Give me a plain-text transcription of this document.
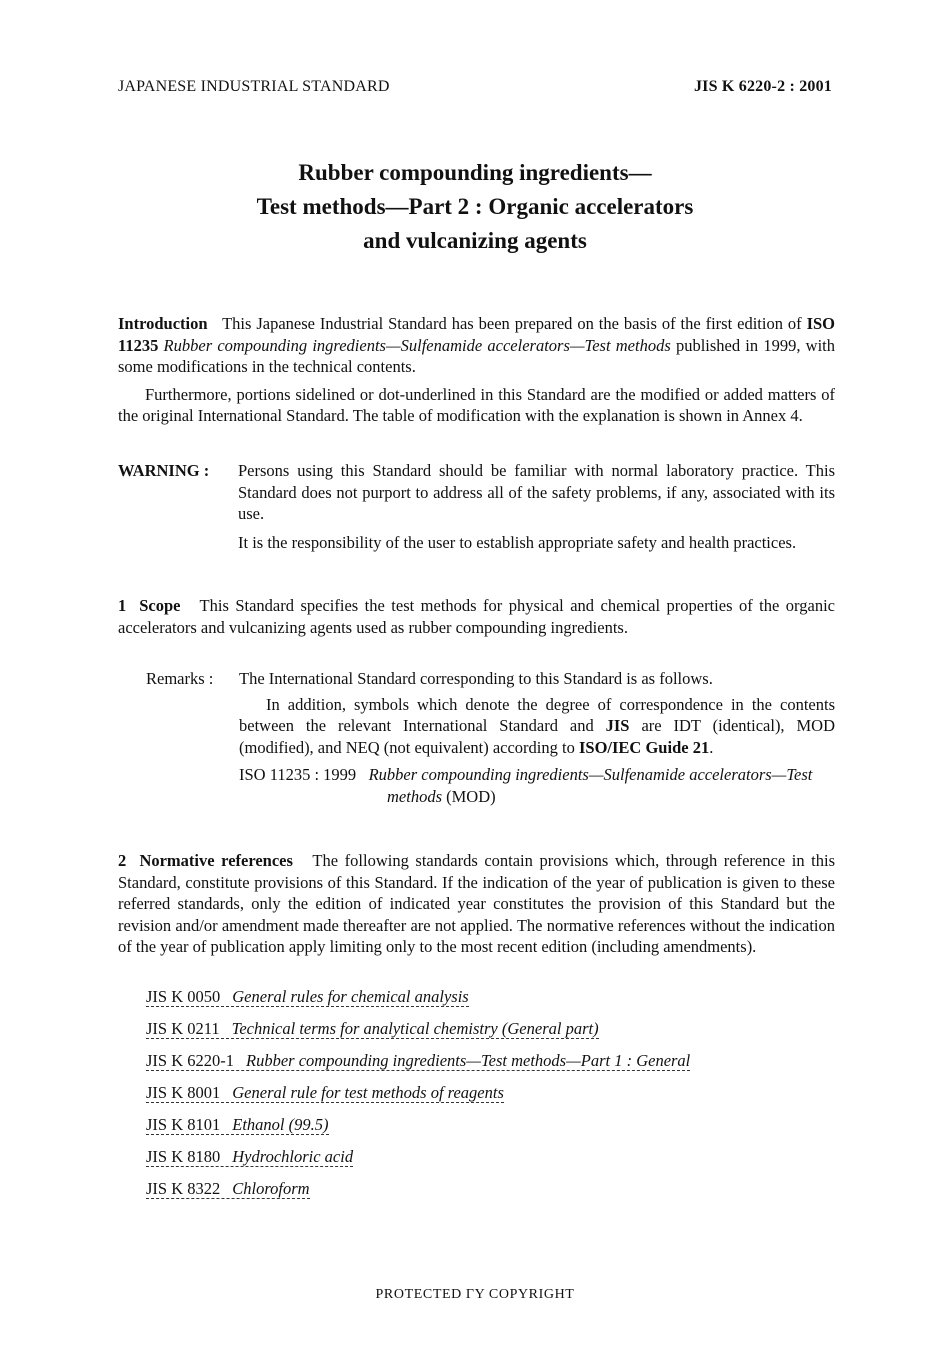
JAPANESE INDUSTRIAL STANDARD	JIS K 6220-2 : 2001
Rubber compounding ingredients—
Test methods—Part 2 : Organic accelerators
and vulcanizing agents

Introduction This Japanese Industrial Standard has been prepared on the basis of the first edition of ISO 11235 Rubber compounding ingredients—Sulfenamide accelerators—Test methods published in 1999, with some modifications in the technical contents.

Furthermore, portions sidelined or dot-underlined in this Standard are the modified or added matters of the original International Standard. The table of modification with the explanation is shown in Annex 4.

WARNING :	Persons using this Standard should be familiar with normal laboratory practice. This Standard does not purport to address all of the safety problems, if any, associated with its use.

It is the responsibility of the user to establish appropriate safety and health practices.

1 Scope This Standard specifies the test methods for physical and chemical properties of the organic accelerators and vulcanizing agents used as rubber compounding ingredients.

Remarks :	The International Standard corresponding to this Standard is as follows.

In addition, symbols which denote the degree of correspondence in the contents between the relevant International Standard and JIS are IDT (identical), MOD (modified), and NEQ (not equivalent) according to ISO/IEC Guide 21.

ISO 11235 : 1999 Rubber compounding ingredients—Sulfenamide accelerators—Test methods (MOD)

2 Normative references The following standards contain provisions which, through reference in this Standard, constitute provisions of this Standard. If the indication of the year of publication is given to these referred standards, only the edition of indicated year constitutes the provision of this Standard but the revision and/or amendment made thereafter are not applied. The normative references without the indication of the year of publication apply limiting only to the most recent edition (including amendments).

JIS K 0050 General rules for chemical analysis
JIS K 0211 Technical terms for analytical chemistry (General part)
JIS K 6220-1 Rubber compounding ingredients—Test methods—Part 1 : General
JIS K 8001 General rule for test methods of reagents
JIS K 8101 Ethanol (99.5)
JIS K 8180 Hydrochloric acid
JIS K 8322 Chloroform
PROTECTED ΓY COPYRIGHT
